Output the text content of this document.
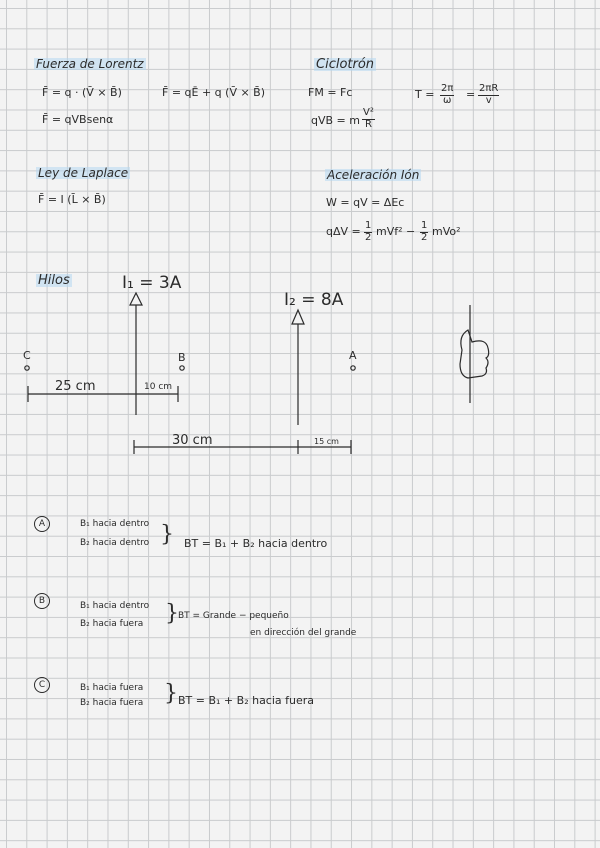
Fuerza de Lorentz
F̄ = q · (V̄ × B̄)	F̄ = qĒ + q (V̄ × B̄)
F̄ = qVBsenα
Ciclotrón
FM = Fc
qVB = m $\frac{\text{V²}}{R}$
$T = \frac{2\pi}{\omega} = \frac{2\pi R}{v}$
Ley de Laplace
F̄ = I (L̄ × B̄)
Aceleración Ión
W = qV = ΔEc
$q\Delta V = \frac{1}{2} mVf^2 - \frac{1}{2} mVo^2$
Hilos	I₁ = 3A
I₂ = 8A
C	B	A
25 cm	10 cm
30 cm	15 cm
A	B₁ hacia dentro
B₂ hacia dentro } BT = B₁ + B₂ hacia dentro
B	B₁ hacia dentro
B₂ hacia fuera } BT = Grande − pequeño
en dirección del grande
C	B₁ hacia fuera
B₂ hacia fuera } BT = B₁ + B₂ hacia fuera
